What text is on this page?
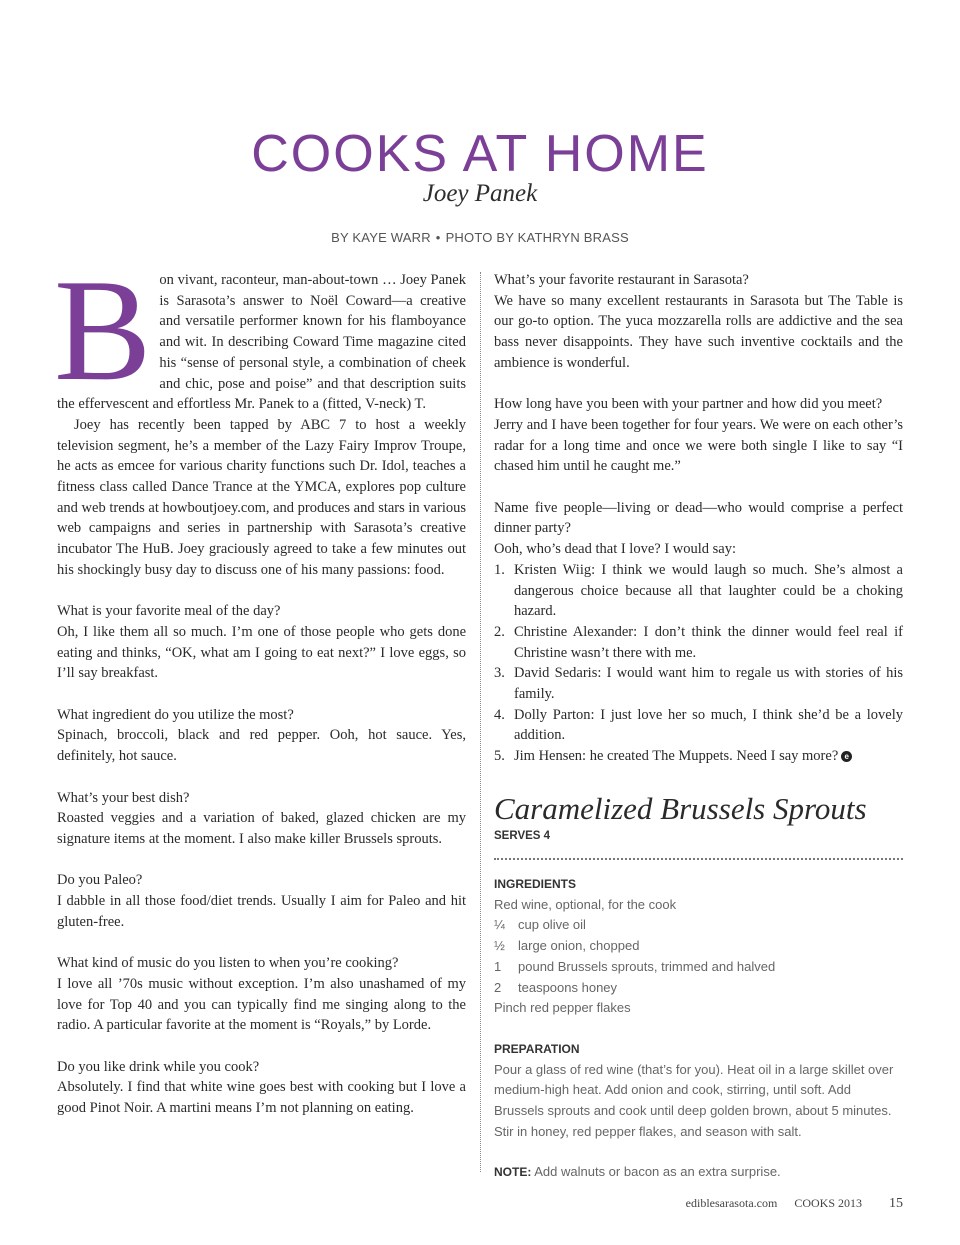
COOKS AT HOME
Joey Panek
BY KAYE WARR • PHOTO BY KATHRYN BRASS

Bon vivant, raconteur, man-about-town … Joey Panek is Sarasota’s answer to Noël Coward—a creative and versatile performer known for his flamboyance and wit. In describing Coward Time magazine cited his “sense of personal style, a combination of cheek and chic, pose and poise” and that description suits the effervescent and effortless Mr. Panek to a (fitted, V-neck) T.

Joey has recently been tapped by ABC 7 to host a weekly television segment, he’s a member of the Lazy Fairy Improv Troupe, he acts as emcee for various charity functions such Dr. Idol, teaches a fitness class called Dance Trance at the YMCA, explores pop culture and web trends at howboutjoey.com, and produces and stars in various web campaigns and series in partnership with Sarasota’s creative incubator The HuB. Joey graciously agreed to take a few minutes out his shockingly busy day to discuss one of his many passions: food.

What is your favorite meal of the day?

Oh, I like them all so much. I’m one of those people who gets done eating and thinks, “OK, what am I going to eat next?” I love eggs, so I’ll say breakfast.

What ingredient do you utilize the most?

Spinach, broccoli, black and red pepper. Ooh, hot sauce. Yes, definitely, hot sauce.

What’s your best dish?

Roasted veggies and a variation of baked, glazed chicken are my signature items at the moment. I also make killer Brussels sprouts.

Do you Paleo?

I dabble in all those food/diet trends. Usually I aim for Paleo and hit gluten-free.

What kind of music do you listen to when you’re cooking?

I love all ’70s music without exception. I’m also unashamed of my love for Top 40 and you can typically find me singing along to the radio. A particular favorite at the moment is “Royals,” by Lorde.

Do you like drink while you cook?

Absolutely. I find that white wine goes best with cooking but I love a good Pinot Noir. A martini means I’m not planning on eating.

What’s your favorite restaurant in Sarasota?

We have so many excellent restaurants in Sarasota but The Table is our go-to option. The yuca mozzarella rolls are addictive and the sea bass never disappoints. They have such inventive cocktails and the ambience is wonderful.

How long have you been with your partner and how did you meet?

Jerry and I have been together for four years. We were on each other’s radar for a long time and once we were both single I like to say “I chased him until he caught me.”

Name five people—living or dead—who would comprise a perfect dinner party?

Ooh, who’s dead that I love? I would say:

1. Kristen Wiig: I think we would laugh so much. She’s almost a dangerous choice because all that laughter could be a choking hazard.
2. Christine Alexander: I don’t think the dinner would feel real if Christine wasn’t there with me.
3. David Sedaris: I would want him to regale us with stories of his family.
4. Dolly Parton: I just love her so much, I think she’d be a lovely addition.
5. Jim Hensen: he created The Muppets. Need I say more? e
Caramelized Brussels Sprouts
SERVES 4
INGREDIENTS
Red wine, optional, for the cook
¼ cup olive oil
½ large onion, chopped
1 pound Brussels sprouts, trimmed and halved
2 teaspoons honey
Pinch red pepper flakes
PREPARATION
Pour a glass of red wine (that’s for you). Heat oil in a large skillet over medium-high heat. Add onion and cook, stirring, until soft. Add Brussels sprouts and cook until deep golden brown, about 5 minutes. Stir in honey, red pepper flakes, and season with salt.
NOTE: Add walnuts or bacon as an extra surprise.
ediblesarasota.com COOKS 2013 15
